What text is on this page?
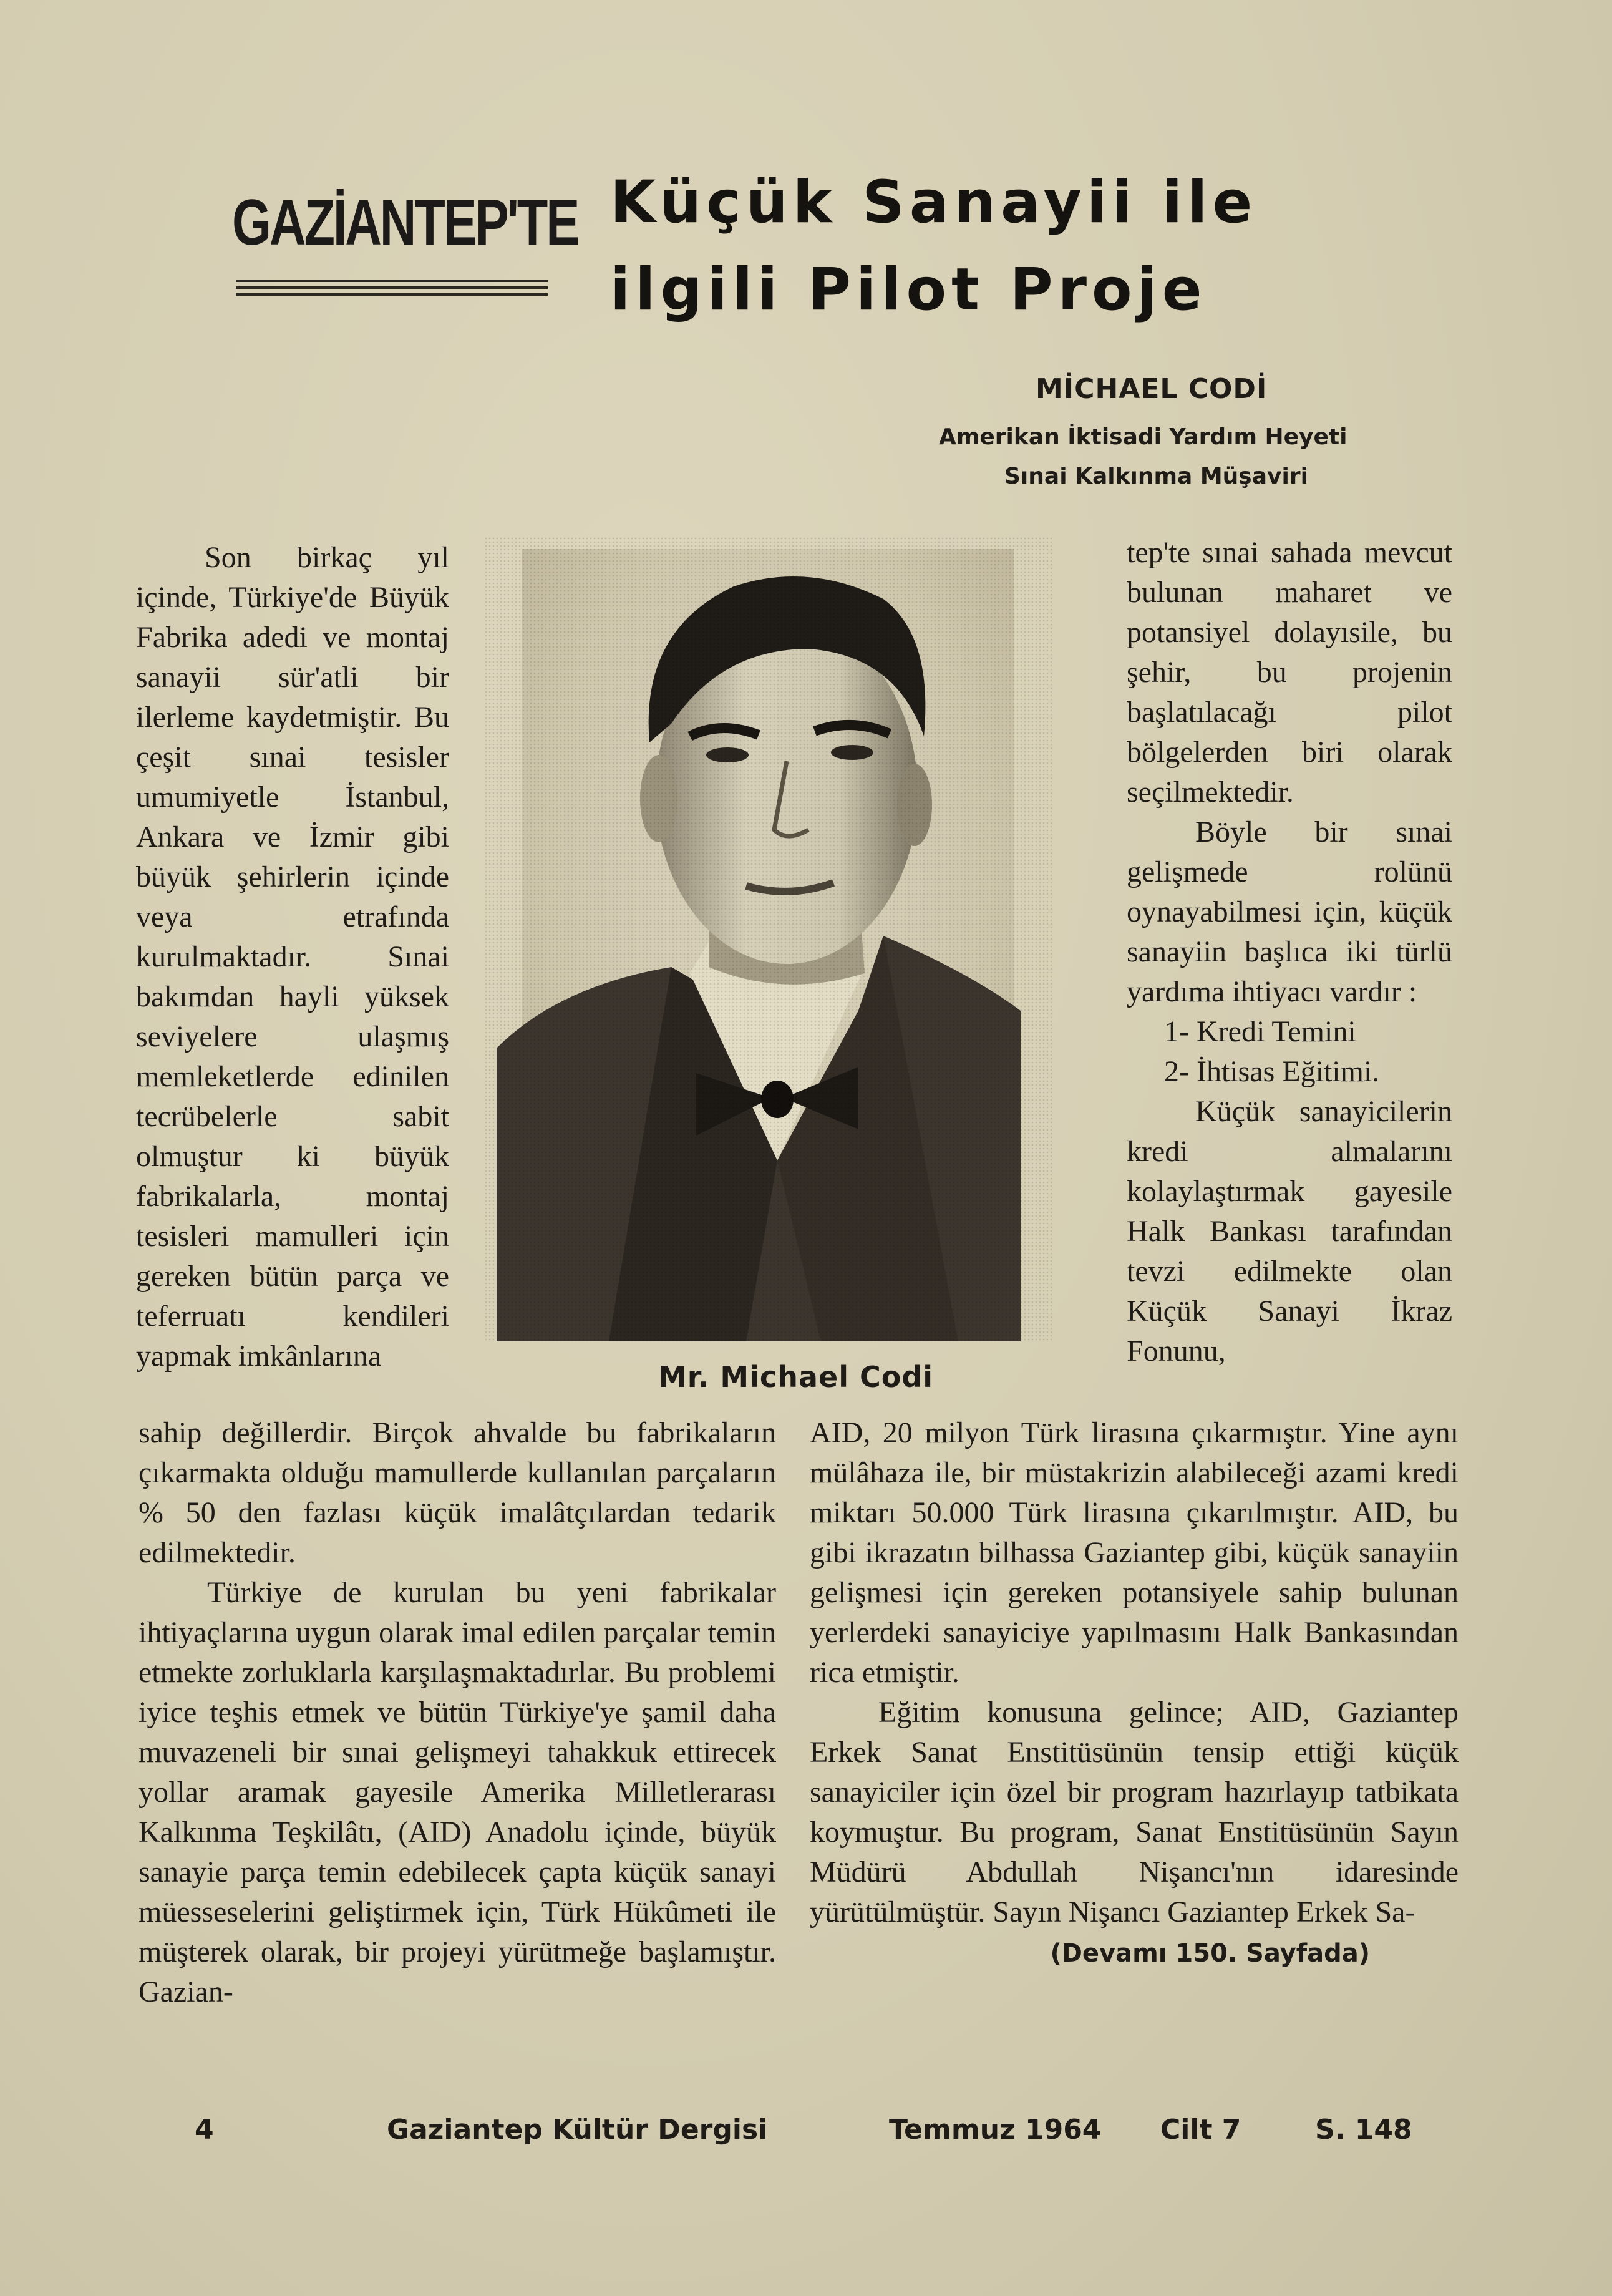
GAZİANTEP'TE Küçük Sanayii ile
ilgili Pilot Proje
MİCHAEL CODİ
Amerikan İktisadi Yardım Heyeti
Sınai Kalkınma Müşaviri

Son birkaç yıl içinde, Türkiye'de Büyük Fabrika adedi ve montaj sanayii sür'atli bir ilerleme kaydetmiştir. Bu çeşit sınai tesisler umumiyetle İstanbul, Ankara ve İzmir gibi büyük şehirlerin içinde veya etrafında kurulmaktadır. Sınai bakımdan hayli yüksek seviyelere ulaşmış memleketlerde edinilen tecrübelerle sabit olmuştur ki büyük fabrikalarla, montaj tesisleri mamulleri için gereken bütün parça ve teferruatı kendileri yapmak imkânlarına

tep'te sınai sahada mevcut bulunan maharet ve potansiyel dolayısile, bu şehir, bu projenin başlatılacağı pilot bölgelerden biri olarak seçilmektedir.

Böyle bir sınai gelişmede rolünü oynayabilmesi için, küçük sanayiin başlıca iki türlü yardıma ihtiyacı vardır :

1- Kredi Temini

2- İhtisas Eğitimi.

Küçük sanayicilerin kredi almalarını kolaylaştırmak gayesile Halk Bankası tarafından tevzi edilmekte olan Küçük Sanayi İkraz Fonunu,

Mr. Michael Codi

sahip değillerdir. Birçok ahvalde bu fabrikaların çıkarmakta olduğu mamullerde kullanılan parçaların % 50 den fazlası küçük imalâtçılardan tedarik edilmektedir.

Türkiye de kurulan bu yeni fabrikalar ihtiyaçlarına uygun olarak imal edilen parçalar temin etmekte zorluklarla karşılaşmaktadırlar. Bu problemi iyice teşhis etmek ve bütün Türkiye'ye şamil daha muvazeneli bir sınai gelişmeyi tahakkuk ettirecek yollar aramak gayesile Amerika Milletlerarası Kalkınma Teşkilâtı, (AID) Anadolu içinde, büyük sanayie parça temin edebilecek çapta küçük sanayi müesseselerini geliştirmek için, Türk Hükûmeti ile müşterek olarak, bir projeyi yürütmeğe başlamıştır. Gazian-

AID, 20 milyon Türk lirasına çıkarmıştır. Yine aynı mülâhaza ile, bir müstakrizin alabileceği azami kredi miktarı 50.000 Türk lirasına çıkarılmıştır. AID, bu gibi ikrazatın bilhassa Gaziantep gibi, küçük sanayiin gelişmesi için gereken potansiyele sahip bulunan yerlerdeki sanayiciye yapılmasını Halk Bankasından rica etmiştir.

Eğitim konusuna gelince; AID, Gaziantep Erkek Sanat Enstitüsünün tensip ettiği küçük sanayiciler için özel bir program hazırlayıp tatbikata koymuştur. Bu program, Sanat Enstitüsünün Sayın Müdürü Abdullah Nişancı'nın idaresinde yürütülmüştür. Sayın Nişancı Gaziantep Erkek Sa-

(Devamı 150. Sayfada)
4	Gaziantep Kültür Dergisi	Temmuz 1964 Cilt 7	S. 148
